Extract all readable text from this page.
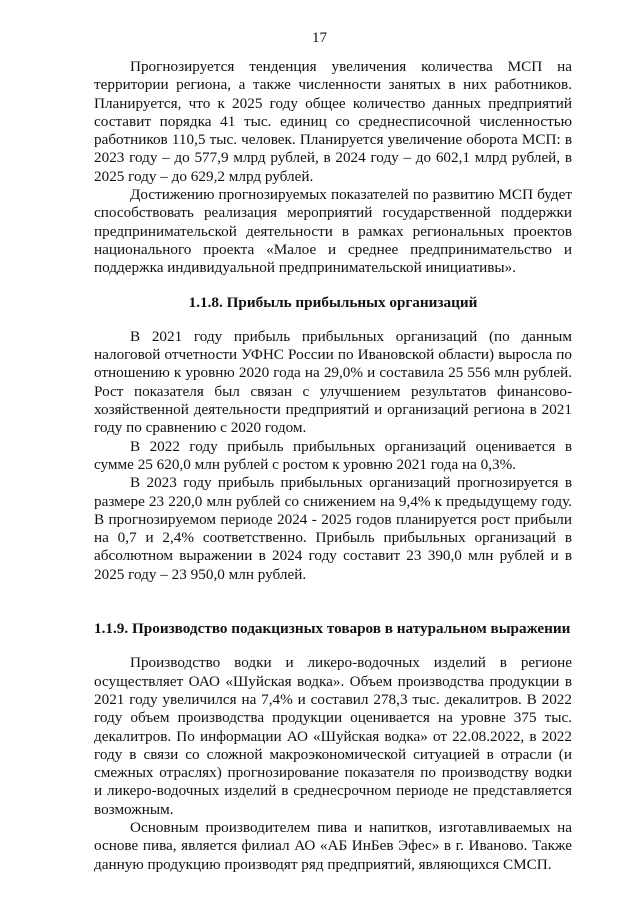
17

Прогнозируется тенденция увеличения количества МСП на территории региона, а также численности занятых в них работников. Планируется, что к 2025 году общее количество данных предприятий составит порядка 41 тыс. единиц со среднесписочной численностью работников 110,5 тыс. человек. Планируется увеличение оборота МСП: в 2023 году – до 577,9 млрд рублей, в 2024 году – до 602,1 млрд рублей, в 2025 году – до 629,2 млрд рублей.

Достижению прогнозируемых показателей по развитию МСП будет способствовать реализация мероприятий государственной поддержки предпринимательской деятельности в рамках региональных проектов национального проекта «Малое и среднее предпринимательство и поддержка индивидуальной предпринимательской инициативы».

1.1.8. Прибыль прибыльных организаций

В 2021 году прибыль прибыльных организаций (по данным налоговой отчетности УФНС России по Ивановской области) выросла по отношению к уровню 2020 года на 29,0% и составила 25 556 млн рублей. Рост показателя был связан с улучшением результатов финансово-хозяйственной деятельности предприятий и организаций региона в 2021 году по сравнению с 2020 годом.

В 2022 году прибыль прибыльных организаций оценивается в сумме 25 620,0 млн рублей с ростом к уровню 2021 года на 0,3%.

В 2023 году прибыль прибыльных организаций прогнозируется в размере 23 220,0 млн рублей со снижением на 9,4% к предыдущему году. В прогнозируемом периоде 2024 - 2025 годов планируется рост прибыли на 0,7 и 2,4% соответственно. Прибыль прибыльных организаций в абсолютном выражении в 2024 году составит 23 390,0 млн рублей и в 2025 году – 23 950,0 млн рублей.

1.1.9. Производство подакцизных товаров в натуральном выражении

Производство водки и ликеро-водочных изделий в регионе осуществляет ОАО «Шуйская водка». Объем производства продукции в 2021 году увеличился на 7,4% и составил 278,3 тыс. декалитров. В 2022 году объем производства продукции оценивается на уровне 375 тыс. декалитров. По информации АО «Шуйская водка» от 22.08.2022, в 2022 году в связи со сложной макроэкономической ситуацией в отрасли (и смежных отраслях) прогнозирование показателя по производству водки и ликеро-водочных изделий в среднесрочном периоде не представляется возможным.

Основным производителем пива и напитков, изготавливаемых на основе пива, является филиал АО «АБ ИнБев Эфес» в г. Иваново. Также данную продукцию производят ряд предприятий, являющихся СМСП.
